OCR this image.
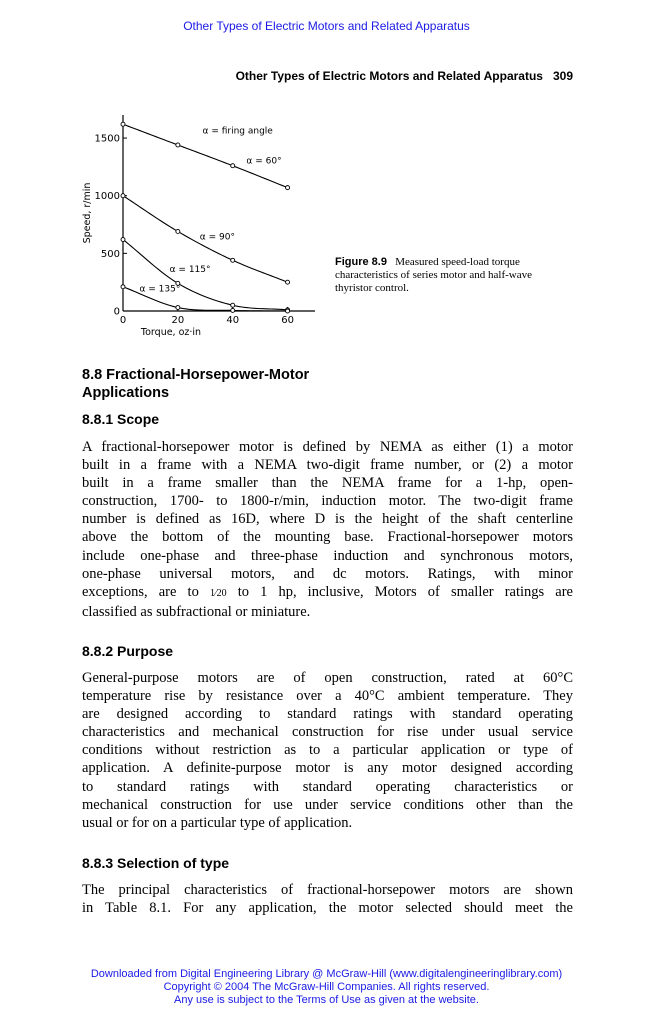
Other Types of Electric Motors and Related Apparatus
Other Types of Electric Motors and Related Apparatus 309
0	20	40	60
0
500
1000
1500
Torque, oz·in
Speed, r/min
α = firing angle
α = 60°
α = 90°
α = 115°
α = 135°
Figure 8.9 Measured speed-load torque characteristics of series motor and half-wave thyristor control.
8.8 Fractional-Horsepower-Motor Applications
8.8.1 Scope
A fractional-horsepower motor is defined by NEMA as either (1) a motor
built in a frame with a NEMA two-digit frame number, or (2) a motor
built in a frame smaller than the NEMA frame for a 1-hp, open-
construction, 1700- to 1800-r/min, induction motor. The two-digit frame
number is defined as 16D, where D is the height of the shaft centerline
above the bottom of the mounting base. Fractional-horsepower motors
include one-phase and three-phase induction and synchronous motors,
one-phase universal motors, and dc motors. Ratings, with minor
exceptions, are to 1⁄20 to 1 hp, inclusive, Motors of smaller ratings are
classified as subfractional or miniature.
8.8.2 Purpose
General-purpose motors are of open construction, rated at 60°C
temperature rise by resistance over a 40°C ambient temperature. They
are designed according to standard ratings with standard operating
characteristics and mechanical construction for rise under usual service
conditions without restriction as to a particular application or type of
application. A definite-purpose motor is any motor designed according
to standard ratings with standard operating characteristics or
mechanical construction for use under service conditions other than the
usual or for on a particular type of application.
8.8.3 Selection of type
The principal characteristics of fractional-horsepower motors are shown
in Table 8.1. For any application, the motor selected should meet the
Downloaded from Digital Engineering Library @ McGraw-Hill (www.digitalengineeringlibrary.com)
Copyright © 2004 The McGraw-Hill Companies. All rights reserved.
Any use is subject to the Terms of Use as given at the website.
